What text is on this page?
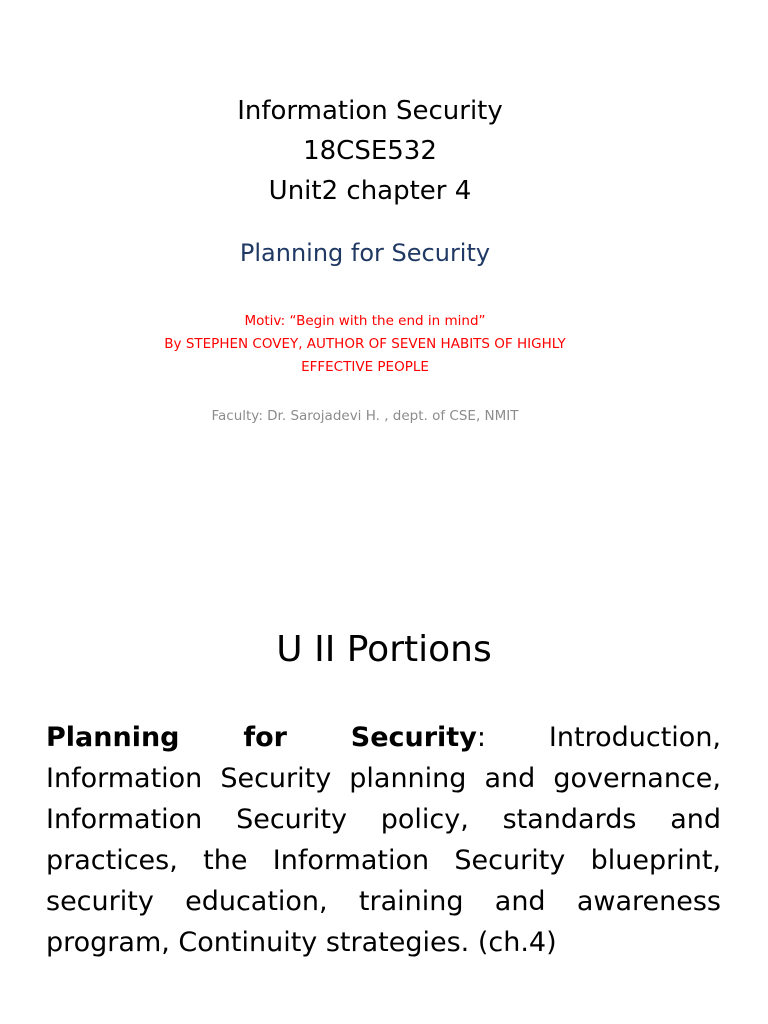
Information Security
18CSE532
Unit2 chapter 4
Planning for Security
Motiv: “Begin with the end in mind”
By STEPHEN COVEY, AUTHOR OF SEVEN HABITS OF HIGHLY
EFFECTIVE PEOPLE
Faculty: Dr. Sarojadevi H. , dept. of CSE, NMIT
U II Portions
Planning for Security: Introduction, Information Security planning and governance, Information Security policy, standards and practices, the Information Security blueprint, security education, training and awareness program, Continuity strategies. (ch.4)
